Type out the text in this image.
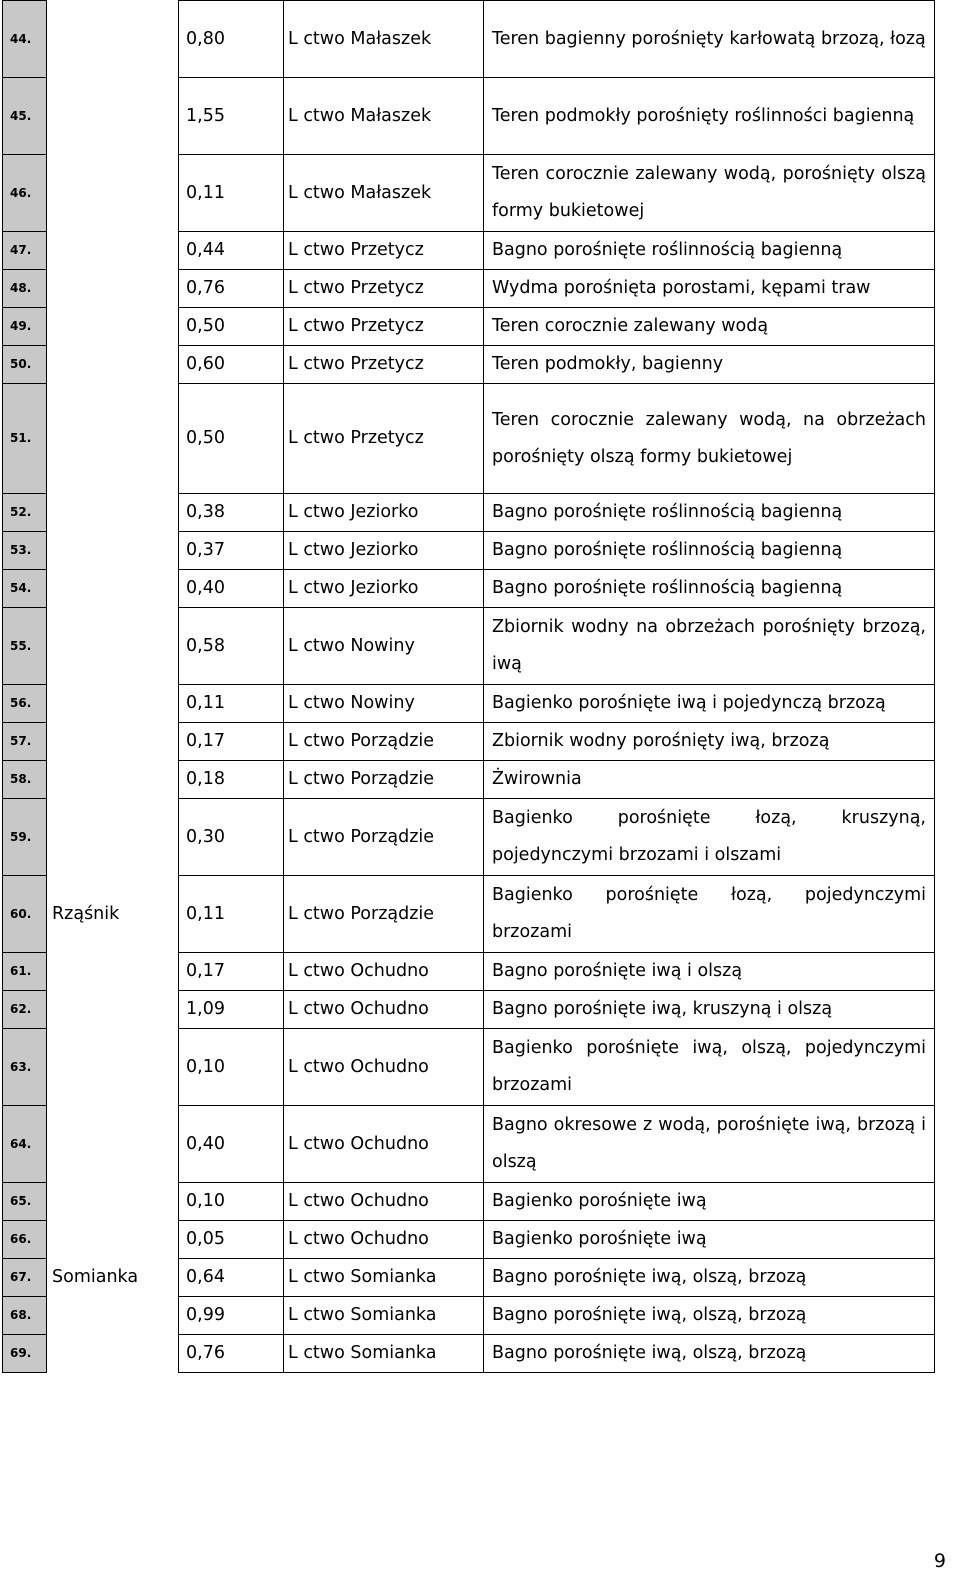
44.		0,80	L ctwo Małaszek	Teren bagienny porośnięty karłowatą brzozą, łozą
45.		1,55	L ctwo Małaszek	Teren podmokły porośnięty roślinności bagienną
46.		0,11	L ctwo Małaszek	Teren corocznie zalewany wodą, porośnięty olszą formy bukietowej
47.		0,44	L ctwo Przetycz	Bagno porośnięte roślinnością bagienną
48.		0,76	L ctwo Przetycz	Wydma porośnięta porostami, kępami traw
49.		0,50	L ctwo Przetycz	Teren corocznie zalewany wodą
50.		0,60	L ctwo Przetycz	Teren podmokły, bagienny
51.		0,50	L ctwo Przetycz	Teren corocznie zalewany wodą, na obrzeżach porośnięty olszą formy bukietowej
52.		0,38	L ctwo Jeziorko	Bagno porośnięte roślinnością bagienną
53.		0,37	L ctwo Jeziorko	Bagno porośnięte roślinnością bagienną
54.		0,40	L ctwo Jeziorko	Bagno porośnięte roślinnością bagienną
55.		0,58	L ctwo Nowiny	Zbiornik wodny na obrzeżach porośnięty brzozą, iwą
56.		0,11	L ctwo Nowiny	Bagienko porośnięte iwą i pojedynczą brzozą
57.		0,17	L ctwo Porządzie	Zbiornik wodny porośnięty iwą, brzozą
58.		0,18	L ctwo Porządzie	Żwirownia
59.		0,30	L ctwo Porządzie	Bagienko porośnięte łozą, kruszyną, pojedynczymi brzozami i olszami
60.	Rząśnik	0,11	L ctwo Porządzie	Bagienko porośnięte łozą, pojedynczymi brzozami
61.		0,17	L ctwo Ochudno	Bagno porośnięte iwą i olszą
62.		1,09	L ctwo Ochudno	Bagno porośnięte iwą, kruszyną i olszą
63.		0,10	L ctwo Ochudno	Bagienko porośnięte iwą, olszą, pojedynczymi brzozami
64.		0,40	L ctwo Ochudno	Bagno okresowe z wodą, porośnięte iwą, brzozą i olszą
65.		0,10	L ctwo Ochudno	Bagienko porośnięte iwą
66.		0,05	L ctwo Ochudno	Bagienko porośnięte iwą
67.	Somianka	0,64	L ctwo Somianka	Bagno porośnięte iwą, olszą, brzozą
68.		0,99	L ctwo Somianka	Bagno porośnięte iwą, olszą, brzozą
69.		0,76	L ctwo Somianka	Bagno porośnięte iwą, olszą, brzozą
9
